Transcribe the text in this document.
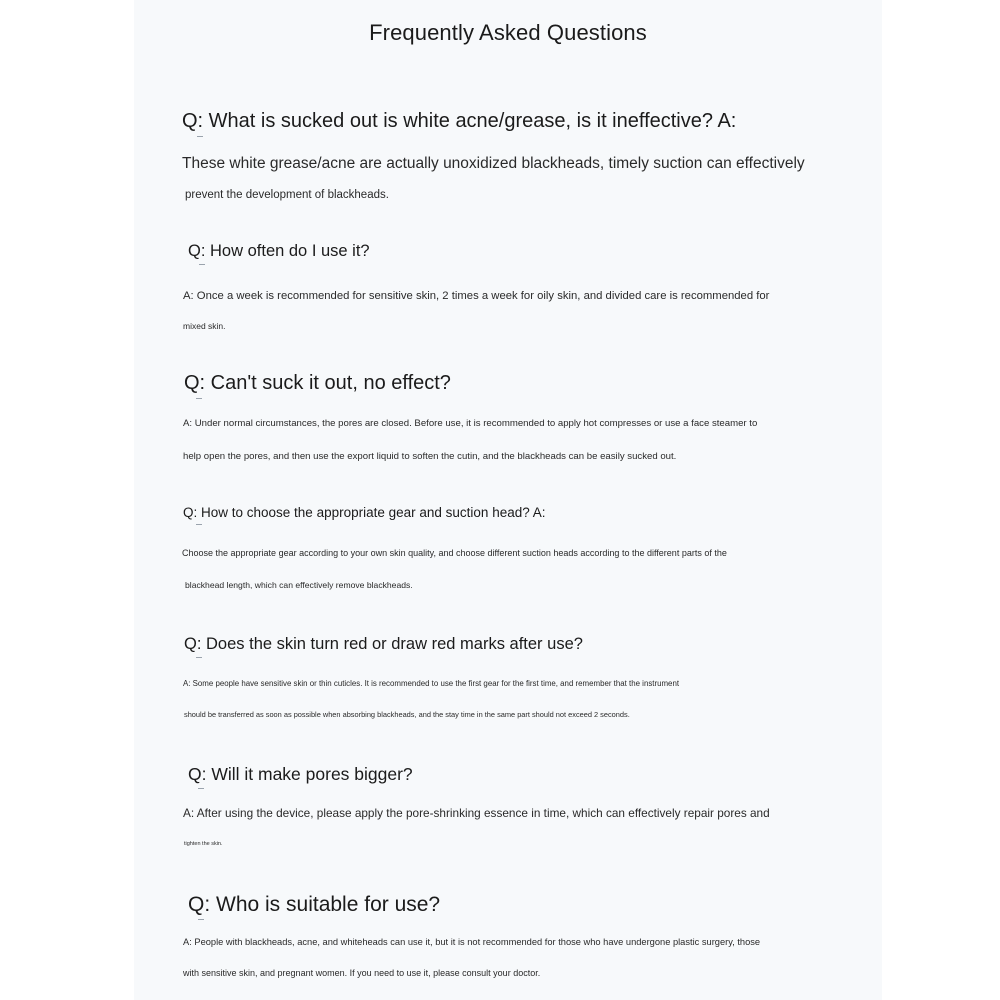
Frequently Asked Questions
Q: What is sucked out is white acne/grease, is it ineffective? A:
These white grease/acne are actually unoxidized blackheads, timely suction can effectively
prevent the development of blackheads.
Q: How often do I use it?
A: Once a week is recommended for sensitive skin, 2 times a week for oily skin, and divided care is recommended for
mixed skin.
Q: Can't suck it out, no effect?
A: Under normal circumstances, the pores are closed. Before use, it is recommended to apply hot compresses or use a face steamer to
help open the pores, and then use the export liquid to soften the cutin, and the blackheads can be easily sucked out.
Q: How to choose the appropriate gear and suction head? A:
Choose the appropriate gear according to your own skin quality, and choose different suction heads according to the different parts of the
blackhead length, which can effectively remove blackheads.
Q: Does the skin turn red or draw red marks after use?
A: Some people have sensitive skin or thin cuticles. It is recommended to use the first gear for the first time, and remember that the instrument
should be transferred as soon as possible when absorbing blackheads, and the stay time in the same part should not exceed 2 seconds.
Q: Will it make pores bigger?
A: After using the device, please apply the pore-shrinking essence in time, which can effectively repair pores and
tighten the skin.
Q: Who is suitable for use?
A: People with blackheads, acne, and whiteheads can use it, but it is not recommended for those who have undergone plastic surgery, those
with sensitive skin, and pregnant women. If you need to use it, please consult your doctor.
